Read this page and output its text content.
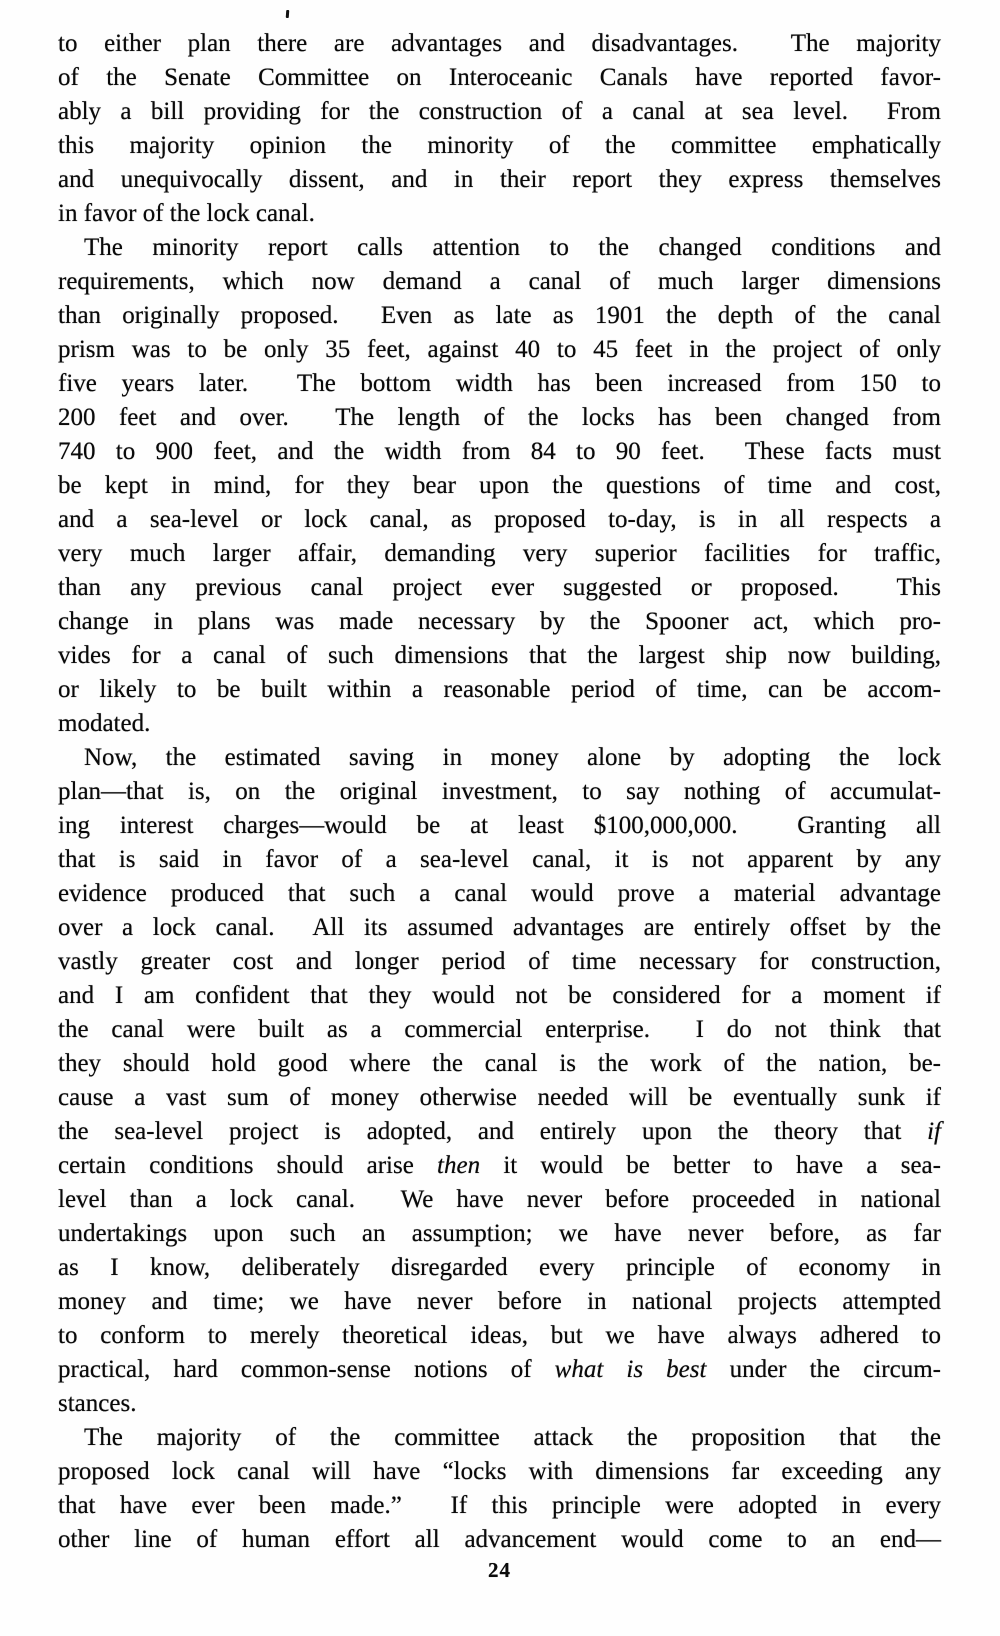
to either plan there are advantages and disadvantages.  The majority
of the Senate Committee on Interoceanic Canals have reported favor-
ably a bill providing for the construction of a canal at sea level.  From
this majority opinion the minority of the committee emphatically
and unequivocally dissent, and in their report they express themselves
in favor of the lock canal.
The minority report calls attention to the changed conditions and
requirements, which now demand a canal of much larger dimensions
than originally proposed.  Even as late as 1901 the depth of the canal
prism was to be only 35 feet, against 40 to 45 feet in the project of only
five years later.  The bottom width has been increased from 150 to
200 feet and over.  The length of the locks has been changed from
740 to 900 feet, and the width from 84 to 90 feet.  These facts must
be kept in mind, for they bear upon the questions of time and cost,
and a sea-level or lock canal, as proposed to-day, is in all respects a
very much larger affair, demanding very superior facilities for traffic,
than any previous canal project ever suggested or proposed.  This
change in plans was made necessary by the Spooner act, which pro-
vides for a canal of such dimensions that the largest ship now building,
or likely to be built within a reasonable period of time, can be accom-
modated.
Now, the estimated saving in money alone by adopting the lock
plan—that is, on the original investment, to say nothing of accumulat-
ing interest charges—would be at least $100,000,000.  Granting all
that is said in favor of a sea-level canal, it is not apparent by any
evidence produced that such a canal would prove a material advantage
over a lock canal.  All its assumed advantages are entirely offset by the
vastly greater cost and longer period of time necessary for construction,
and I am confident that they would not be considered for a moment if
the canal were built as a commercial enterprise.  I do not think that
they should hold good where the canal is the work of the nation, be-
cause a vast sum of money otherwise needed will be eventually sunk if
the sea-level project is adopted, and entirely upon the theory that if
certain conditions should arise then it would be better to have a sea-
level than a lock canal.  We have never before proceeded in national
undertakings upon such an assumption; we have never before, as far
as I know, deliberately disregarded every principle of economy in
money and time; we have never before in national projects attempted
to conform to merely theoretical ideas, but we have always adhered to
practical, hard common-sense notions of what is best under the circum-
stances.
The majority of the committee attack the proposition that the
proposed lock canal will have “locks with dimensions far exceeding any
that have ever been made.”  If this principle were adopted in every
other line of human effort all advancement would come to an end—
24
